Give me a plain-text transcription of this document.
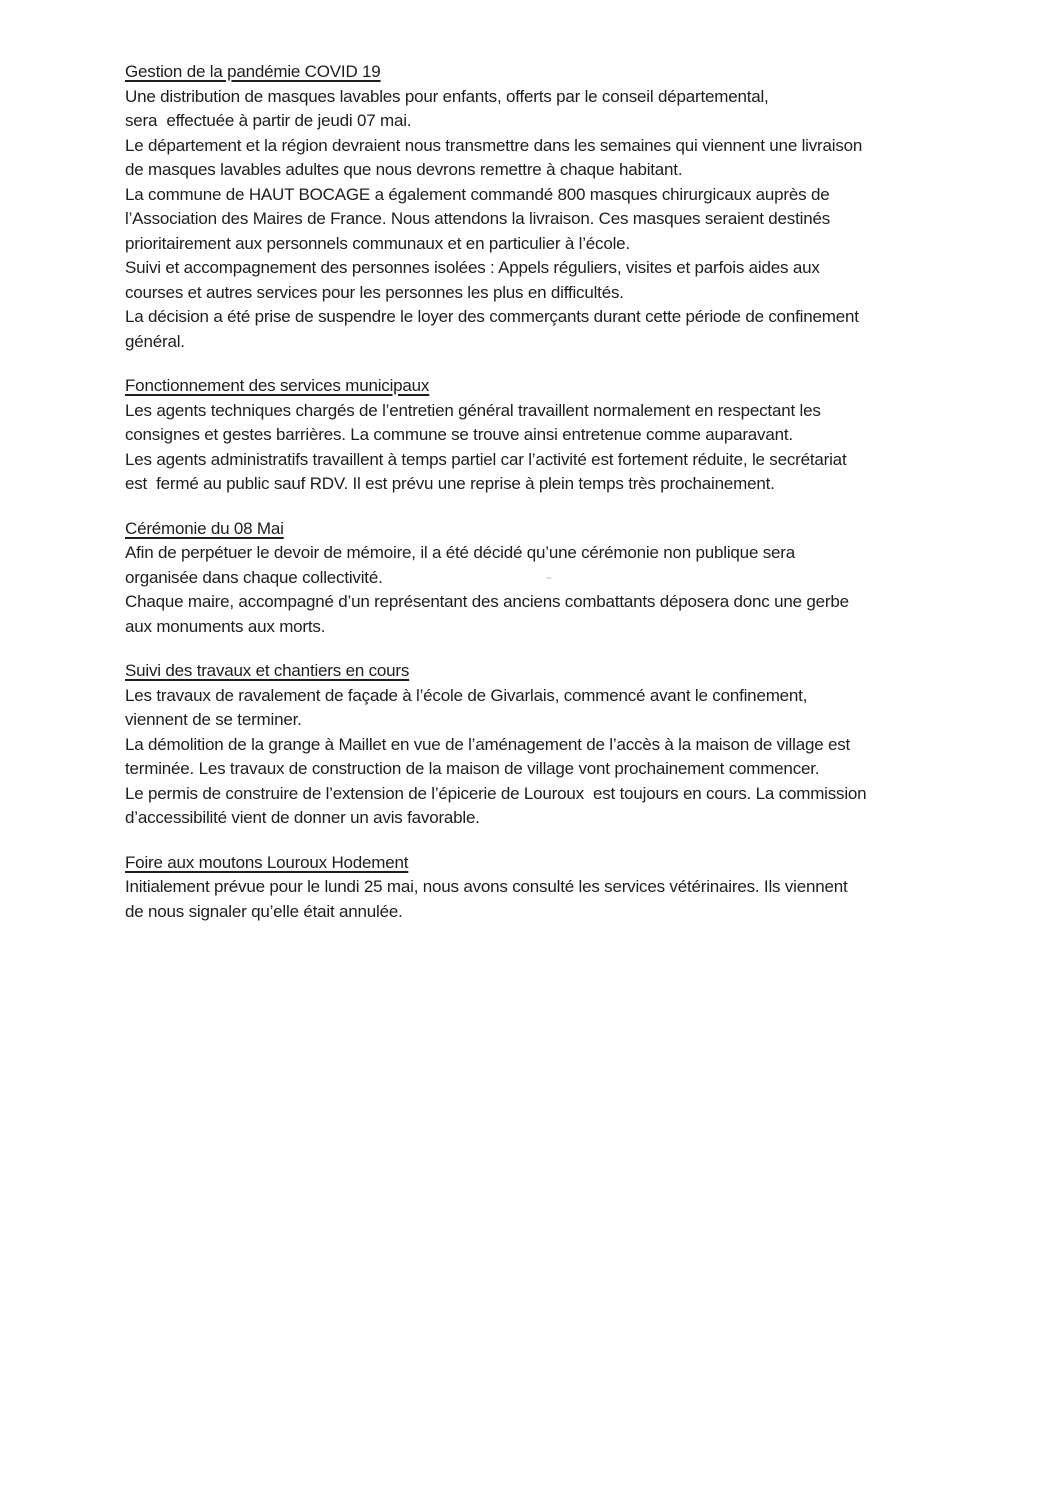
Gestion de la pandémie COVID 19
Une distribution de masques lavables pour enfants, offerts par le conseil départemental,
sera  effectuée à partir de jeudi 07 mai.
Le département et la région devraient nous transmettre dans les semaines qui viennent une livraison
de masques lavables adultes que nous devrons remettre à chaque habitant.
La commune de HAUT BOCAGE a également commandé 800 masques chirurgicaux auprès de
l’Association des Maires de France. Nous attendons la livraison. Ces masques seraient destinés
prioritairement aux personnels communaux et en particulier à l’école.
Suivi et accompagnement des personnes isolées : Appels réguliers, visites et parfois aides aux
courses et autres services pour les personnes les plus en difficultés.
La décision a été prise de suspendre le loyer des commerçants durant cette période de confinement
général.
Fonctionnement des services municipaux
Les agents techniques chargés de l’entretien général travaillent normalement en respectant les
consignes et gestes barrières. La commune se trouve ainsi entretenue comme auparavant.
Les agents administratifs travaillent à temps partiel car l’activité est fortement réduite, le secrétariat
est  fermé au public sauf RDV. Il est prévu une reprise à plein temps très prochainement.
Cérémonie du 08 Mai
Afin de perpétuer le devoir de mémoire, il a été décidé qu’une cérémonie non publique sera
organisée dans chaque collectivité.
Chaque maire, accompagné d’un représentant des anciens combattants déposera donc une gerbe
aux monuments aux morts.
Suivi des travaux et chantiers en cours
Les travaux de ravalement de façade à l’école de Givarlais, commencé avant le confinement,
viennent de se terminer.
La démolition de la grange à Maillet en vue de l’aménagement de l’accès à la maison de village est
terminée. Les travaux de construction de la maison de village vont prochainement commencer.
Le permis de construire de l’extension de l’épicerie de Louroux  est toujours en cours. La commission
d’accessibilité vient de donner un avis favorable.
Foire aux moutons Louroux Hodement
Initialement prévue pour le lundi 25 mai, nous avons consulté les services vétérinaires. Ils viennent
de nous signaler qu’elle était annulée.
